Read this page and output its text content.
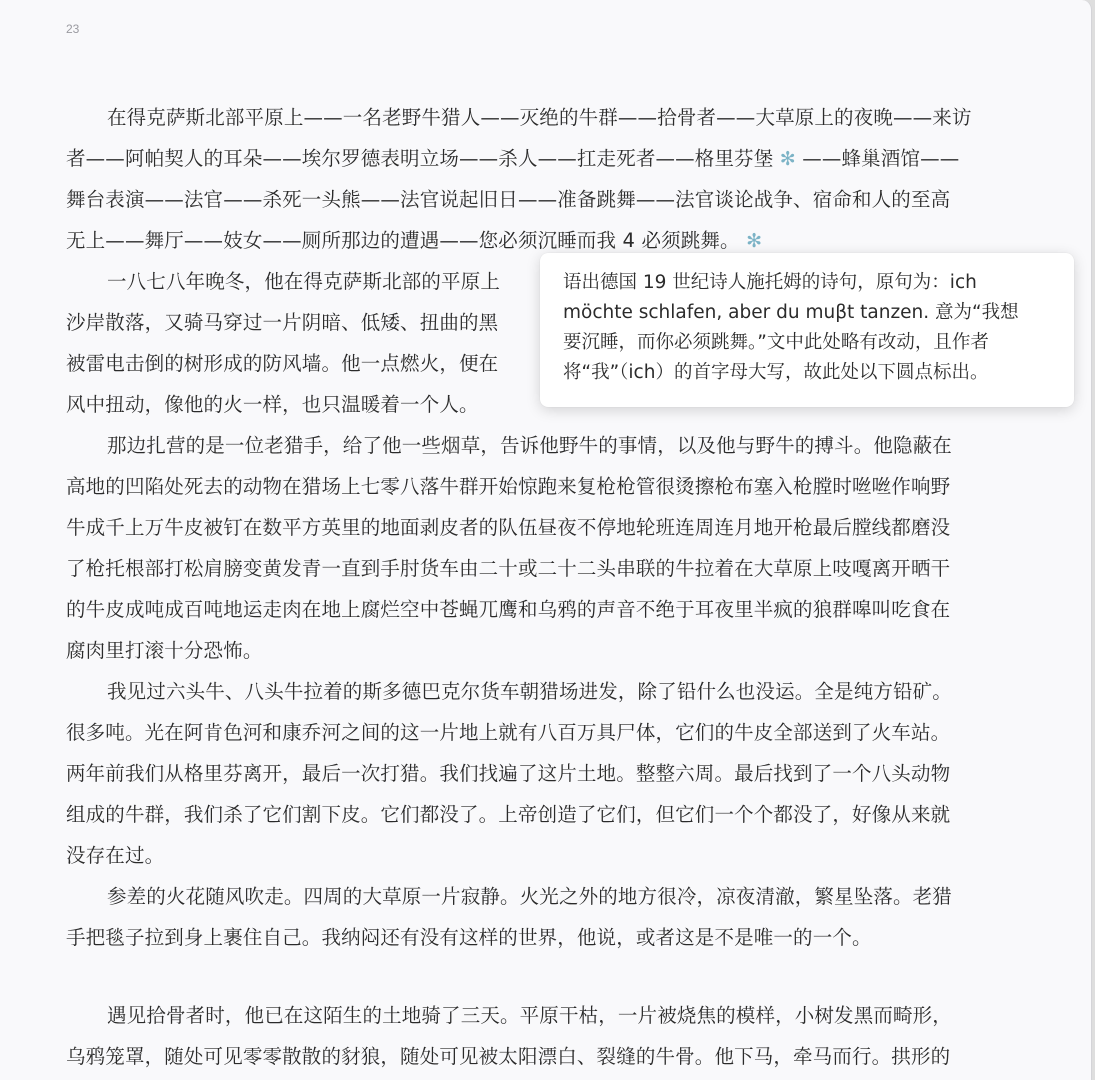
23
在得克萨斯北部平原上——一名老野牛猎人——灭绝的牛群——拾骨者——大草原上的夜晚——来访
者——阿帕契人的耳朵——埃尔罗德表明立场——杀人——扛走死者——格里芬堡 ✻ ——蜂巢酒馆——
舞台表演——法官——杀死一头熊——法官说起旧日——准备跳舞——法官谈论战争、宿命和人的至高
无上——舞厅——妓女——厕所那边的遭遇——您必须沉睡而我 4 必须跳舞。 ✻
一八七八年晚冬，他在得克萨斯北部的平原上
沙岸散落，又骑马穿过一片阴暗、低矮、扭曲的黑
被雷电击倒的树形成的防风墙。他一点燃火，便在
风中扭动，像他的火一样，也只温暖着一个人。
那边扎营的是一位老猎手，给了他一些烟草，告诉他野牛的事情，以及他与野牛的搏斗。他隐蔽在
高地的凹陷处死去的动物在猎场上七零八落牛群开始惊跑来复枪枪管很烫擦枪布塞入枪膛时咝咝作响野
牛成千上万牛皮被钉在数平方英里的地面剥皮者的队伍昼夜不停地轮班连周连月地开枪最后膛线都磨没
了枪托根部打松肩膀变黄发青一直到手肘货车由二十或二十二头串联的牛拉着在大草原上吱嘎离开晒干
的牛皮成吨成百吨地运走肉在地上腐烂空中苍蝇兀鹰和乌鸦的声音不绝于耳夜里半疯的狼群嗥叫吃食在
腐肉里打滚十分恐怖。
我见过六头牛、八头牛拉着的斯多德巴克尔货车朝猎场进发，除了铅什么也没运。全是纯方铅矿。
很多吨。光在阿肯色河和康乔河之间的这一片地上就有八百万具尸体，它们的牛皮全部送到了火车站。
两年前我们从格里芬离开，最后一次打猎。我们找遍了这片土地。整整六周。最后找到了一个八头动物
组成的牛群，我们杀了它们割下皮。它们都没了。上帝创造了它们，但它们一个个都没了，好像从来就
没存在过。
参差的火花随风吹走。四周的大草原一片寂静。火光之外的地方很冷，凉夜清澈，繁星坠落。老猎
手把毯子拉到身上裹住自己。我纳闷还有没有这样的世界，他说，或者这是不是唯一的一个。
遇见拾骨者时，他已在这陌生的土地骑了三天。平原干枯，一片被烧焦的模样，小树发黑而畸形，
乌鸦笼罩，随处可见零零散散的豺狼，随处可见被太阳漂白、裂缝的牛骨。他下马，牵马而行。拱形的
语出德国 19 世纪诗人施托姆的诗句，原句为：ich
möchte schlafen, aber du muβt tanzen. 意为“我想
要沉睡，而你必须跳舞。”文中此处略有改动，且作者
将“我”（ich）的首字母大写，故此处以下圆点标出。
